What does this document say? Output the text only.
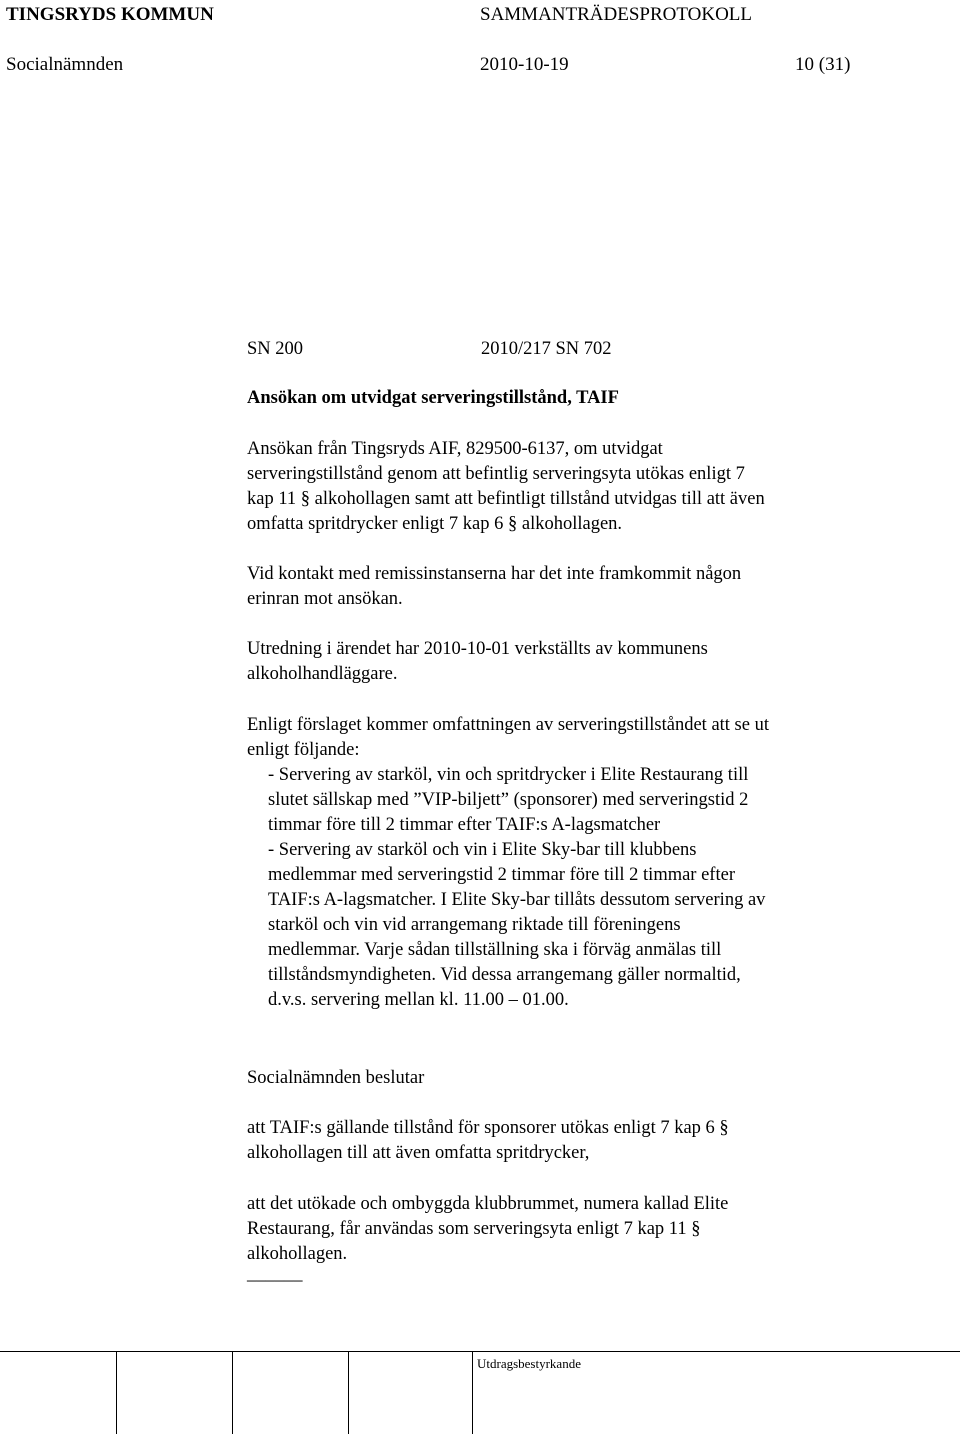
TINGSRYDS KOMMUN	SAMMANTRÄDESPROTOKOLL
Socialnämnden	2010-10-19	10 (31)
SN 200	2010/217 SN 702
Ansökan om utvidgat serveringstillstånd, TAIF
Ansökan från Tingsryds AIF, 829500-6137, om utvidgat
serveringstillstånd genom att befintlig serveringsyta utökas enligt 7
kap 11 § alkohollagen samt att befintligt tillstånd utvidgas till att även
omfatta spritdrycker enligt 7 kap 6 § alkohollagen.
Vid kontakt med remissinstanserna har det inte framkommit någon
erinran mot ansökan.
Utredning i ärendet har 2010-10-01 verkställts av kommunens
alkoholhandläggare.
Enligt förslaget kommer omfattningen av serveringstillståndet att se ut
enligt följande:
- Servering av starköl, vin och spritdrycker i Elite Restaurang till
slutet sällskap med ”VIP-biljett” (sponsorer) med serveringstid 2
timmar före till 2 timmar efter TAIF:s A-lagsmatcher
- Servering av starköl och vin i Elite Sky-bar till klubbens
medlemmar med serveringstid 2 timmar före till 2 timmar efter
TAIF:s A-lagsmatcher. I Elite Sky-bar tillåts dessutom servering av
starköl och vin vid arrangemang riktade till föreningens
medlemmar. Varje sådan tillställning ska i förväg anmälas till
tillståndsmyndigheten. Vid dessa arrangemang gäller normaltid,
d.v.s. servering mellan kl. 11.00 – 01.00.
Socialnämnden beslutar
att TAIF:s gällande tillstånd för sponsorer utökas enligt 7 kap 6 §
alkohollagen till att även omfatta spritdrycker,
att det utökade och ombyggda klubbrummet, numera kallad Elite
Restaurang, får användas som serveringsyta enligt 7 kap 11 §
alkohollagen.
______
Utdragsbestyrkande
